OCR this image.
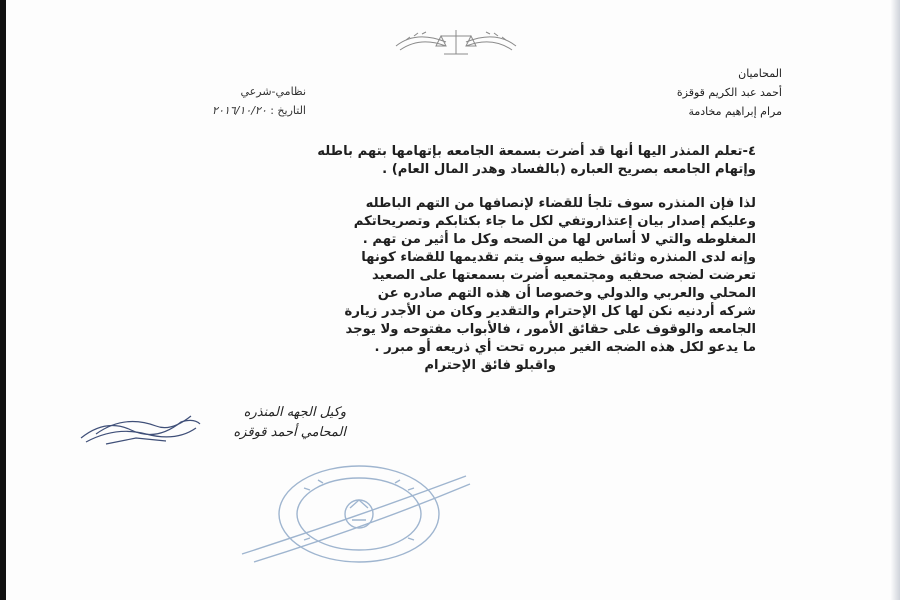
المحاميان
أحمد عبد الكريم قوقزة
مرام إبراهيم مخادمة
نظامي-شرعي
التاريخ : ٢٠١٦/١٠/٢٠
٤-تعلم المنذر اليها أنها قد أضرت بسمعة الجامعه بإتهامها بتهم باطله
وإتهام الجامعه بصريح العباره (بالفساد وهدر المال العام) .
لذا فإن المنذره سوف تلجأ للقضاء لإنصافها من التهم الباطله
وعليكم إصدار بيان إعتذاروتفي لكل ما جاء بكتابكم وتصريحاتكم
المغلوطه والتي لا أساس لها من الصحه وكل ما أثير من تهم .
وإنه لدى المنذره وثائق خطيه سوف يتم تقديمها للقضاء كونها
تعرضت لضجه صحفيه ومجتمعيه أضرت بسمعتها على الصعيد
المحلي والعربي والدولي وخصوصا أن هذه التهم صادره عن
شركه أردنيه نكن لها كل الإحترام والتقدير وكان من الأجدر زيارة
الجامعه والوقوف على حقائق الأمور ، فالأبواب مفتوحه ولا يوجد
ما يدعو لكل هذه الضجه الغير مبرره تحت أي ذريعه أو مبرر .
واقبلو فائق الإحترام
وكيل الجهه المنذره
المحامي أحمد قوقزه
